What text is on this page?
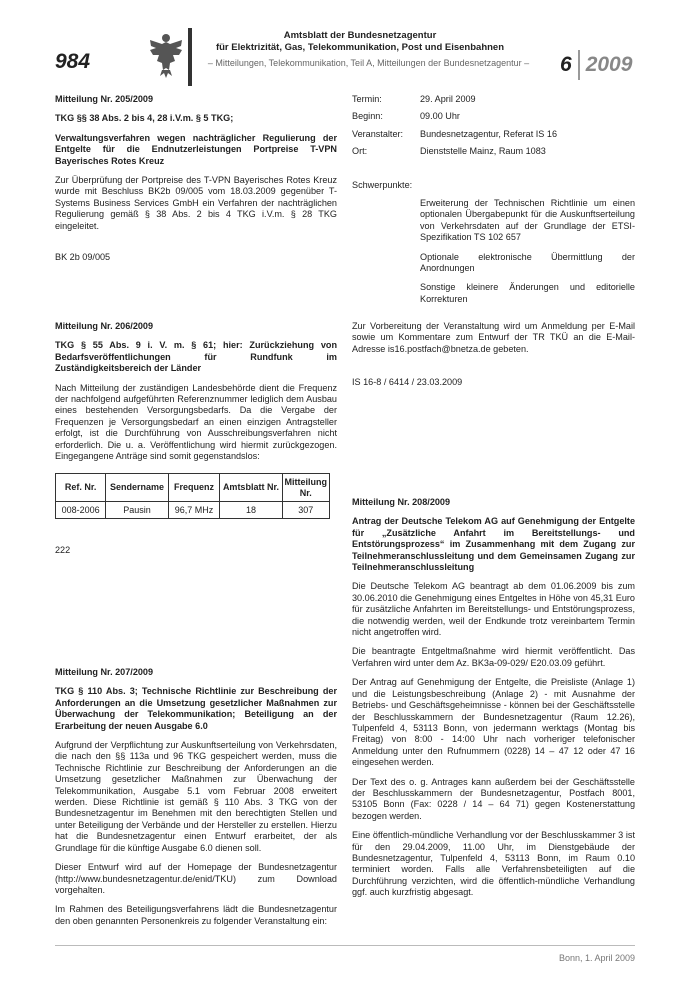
984
Amtsblatt der Bundesnetzagentur
für Elektrizität, Gas, Telekommunikation, Post und Eisenbahnen
– Mitteilungen, Telekommunikation, Teil A, Mitteilungen der Bundesnetzagentur –	6 2009

Mitteilung Nr. 205/2009

TKG §§ 38 Abs. 2 bis 4, 28 i.V.m. § 5 TKG;

Verwaltungsverfahren wegen nachträglicher Regulierung der Entgelte für die Endnutzerleistungen Portpreise T-VPN Bayerisches Rotes Kreuz

Zur Überprüfung der Portpreise des T-VPN Bayerisches Rotes Kreuz wurde mit Beschluss BK2b 09/005 vom 18.03.2009 gegenüber T-Systems Business Services GmbH ein Verfahren der nachträglichen Regulierung gemäß § 38 Abs. 2 bis 4 TKG i.V.m. § 28 TKG eingeleitet.

BK 2b 09/005

Mitteilung Nr. 206/2009

TKG § 55 Abs. 9 i. V. m. § 61; hier: Zurückziehung von Bedarfsveröffentlichungen für Rundfunk im Zuständigkeitsbereich der Länder

Nach Mitteilung der zuständigen Landesbehörde dient die Frequenz der nachfolgend aufgeführten Referenznummer lediglich dem Ausbau eines bestehenden Versorgungsbedarfs. Da die Vergabe der Frequenzen je Versorgungsbedarf an einen einzigen Antragsteller erfolgt, ist die Durchführung von Ausschreibungsverfahren nicht erforderlich. Die u. a. Veröffentlichung wird hiermit zurückgezogen. Eingegangene Anträge sind somit gegenstandslos:

Ref. Nr.	Sendername	Frequenz	Amtsblatt Nr.	Mitteilung Nr.
008-2006	Pausin	96,7 MHz	18	307
222

Mitteilung Nr. 207/2009

TKG § 110 Abs. 3; Technische Richtlinie zur Beschreibung der Anforderungen an die Umsetzung gesetzlicher Maßnahmen zur Überwachung der Telekommunikation; Beteiligung an der Erarbeitung der neuen Ausgabe 6.0

Aufgrund der Verpflichtung zur Auskunftserteilung von Verkehrsdaten, die nach den §§ 113a und 96 TKG gespeichert werden, muss die Technische Richtlinie zur Beschreibung der Anforderungen an die Umsetzung gesetzlicher Maßnahmen zur Überwachung der Telekommunikation, Ausgabe 5.1 vom Februar 2008 erweitert werden. Diese Richtlinie ist gemäß § 110 Abs. 3 TKG von der Bundesnetzagentur im Benehmen mit den berechtigten Stellen und unter Beteiligung der Verbände und der Hersteller zu erstellen. Hierzu hat die Bundesnetzagentur einen Entwurf erarbeitet, der als Grundlage für die künftige Ausgabe 6.0 dienen soll.

Dieser Entwurf wird auf der Homepage der Bundesnetzagentur (http://www.bundesnetzagentur.de/enid/TKU) zum Download vorgehalten.

Im Rahmen des Beteiligungsverfahrens lädt die Bundesnetzagentur den oben genannten Personenkreis zu folgender Veranstaltung ein:

Termin:	29. April 2009
Beginn:	09.00 Uhr
Veranstalter:	Bundesnetzagentur, Referat IS 16
Ort:	Dienststelle Mainz, Raum 1083
Schwerpunkte:

Erweiterung der Technischen Richtlinie um einen optionalen Übergabepunkt für die Auskunftserteilung von Verkehrsdaten auf der Grundlage der ETSI-Spezifikation TS 102 657

Optionale elektronische Übermittlung der Anordnungen

Sonstige kleinere Änderungen und editorielle Korrekturen

Zur Vorbereitung der Veranstaltung wird um Anmeldung per E-Mail sowie um Kommentare zum Entwurf der TR TKÜ an die E-Mail-Adresse is16.postfach@bnetza.de gebeten.

IS 16-8 / 6414 / 23.03.2009

Mitteilung Nr. 208/2009

Antrag der Deutsche Telekom AG auf Genehmigung der Entgelte für „Zusätzliche Anfahrt im Bereitstellungs- und Entstörungsprozess“ im Zusammenhang mit dem Zugang zur Teilnehmeranschlussleitung und dem Gemeinsamen Zugang zur Teilnehmeranschlussleitung

Die Deutsche Telekom AG beantragt ab dem 01.06.2009 bis zum 30.06.2010 die Genehmigung eines Entgeltes in Höhe von 45,31 Euro für zusätzliche Anfahrten im Bereitstellungs- und Entstörungsprozess, die notwendig werden, weil der Endkunde trotz vereinbartem Termin nicht angetroffen wird.

Die beantragte Entgeltmaßnahme wird hiermit veröffentlicht. Das Verfahren wird unter dem Az. BK3a-09-029/ E20.03.09 geführt.

Der Antrag auf Genehmigung der Entgelte, die Preisliste (Anlage 1) und die Leistungsbeschreibung (Anlage 2) - mit Ausnahme der Betriebs- und Geschäftsgeheimnisse - können bei der Geschäftsstelle der Beschlusskammern der Bundesnetzagentur (Raum 12.26), Tulpenfeld 4, 53113 Bonn, von jedermann werktags (Montag bis Freitag) von 8:00 - 14:00 Uhr nach vorheriger telefonischer Anmeldung unter den Rufnummern (0228) 14 – 47 12 oder 47 16 eingesehen werden.

Der Text des o. g. Antrages kann außerdem bei der Geschäftsstelle der Beschlusskammern der Bundesnetzagentur, Postfach 8001, 53105 Bonn (Fax: 0228 / 14 – 64 71) gegen Kostenerstattung bezogen werden.

Eine öffentlich-mündliche Verhandlung vor der Beschlusskammer 3 ist für den 29.04.2009, 11.00 Uhr, im Dienstgebäude der Bundesnetzagentur, Tulpenfeld 4, 53113 Bonn, im Raum 0.10 terminiert worden. Falls alle Verfahrensbeteiligten auf die Durchführung verzichten, wird die öffentlich-mündliche Verhandlung ggf. auch kurzfristig abgesagt.

Bonn, 1. April 2009
